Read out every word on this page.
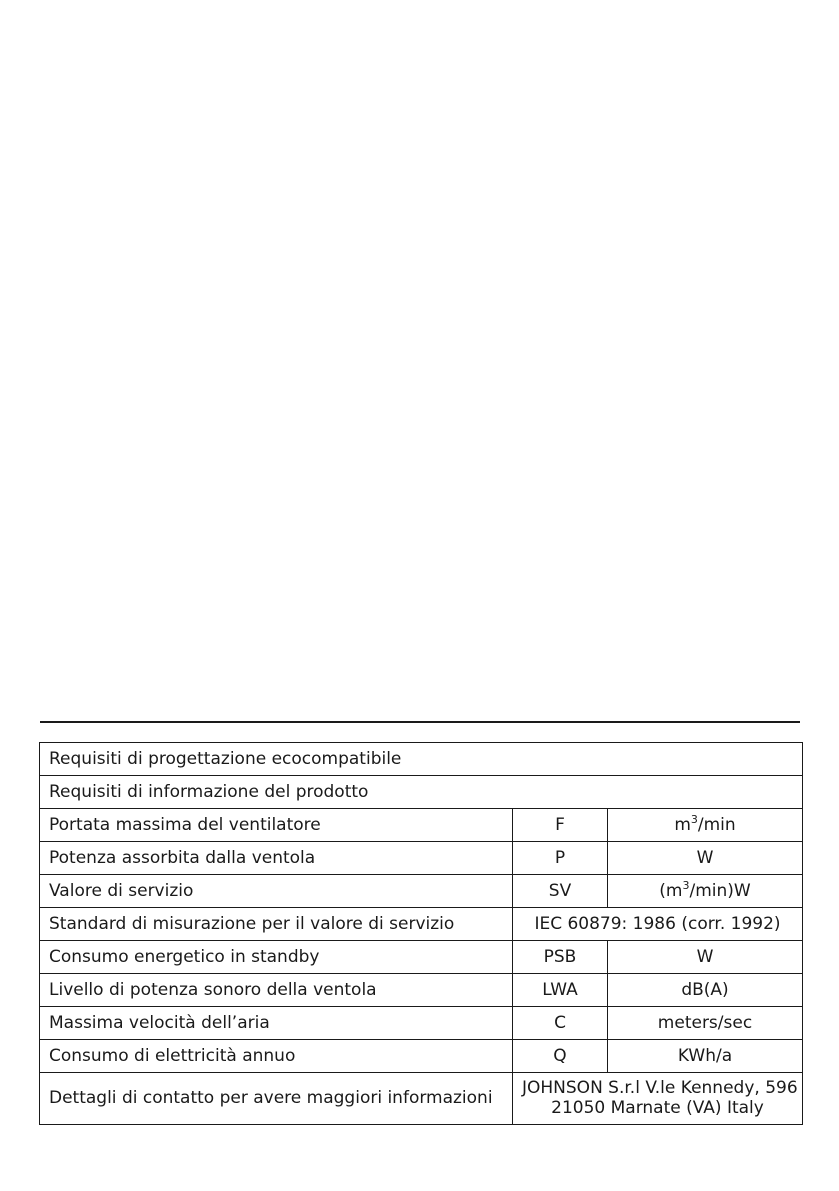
Requisiti di progettazione ecocompatibile		
Requisiti di informazione del prodotto		
Portata massima del ventilatore	F	$m^3/\min$
Potenza assorbita dalla ventola	P	W
Valore di servizio	SV	$(m^3/\min)W$
Standard di misurazione per il valore di servizio	IEC 60879: 1986 (corr. 1992)	
Consumo energetico in standby	PSB	W
Livello di potenza sonoro della ventola	LWA	dB(A)
Massima velocità dell’aria	C	meters/sec
Consumo di elettricità annuo	Q	KWh/a
Dettagli di contatto per avere maggiori informazioni	JOHNSON S.r.l V.le Kennedy, 596
21050 Marnate (VA) Italy	
